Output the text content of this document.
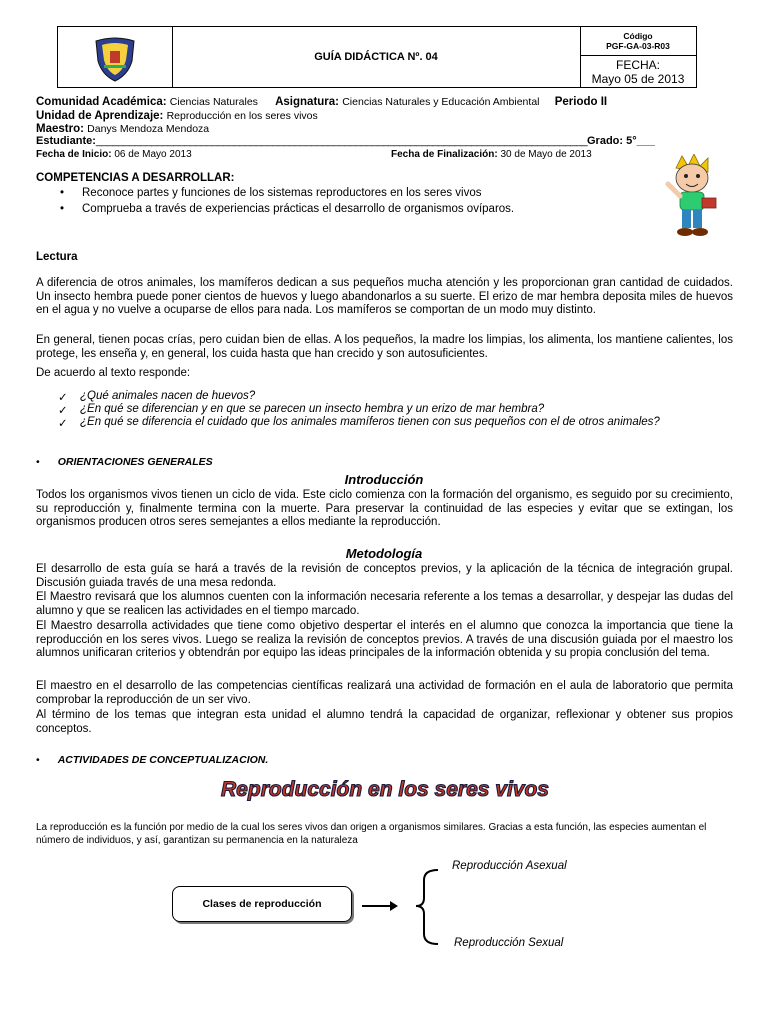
GUÍA DIDÁCTICA Nº. 04
Código
PGF-GA-03-R03
FECHA:
Mayo 05 de 2013
Comunidad Académica: Ciencias Naturales Asignatura: Ciencias Naturales y Educación Ambiental Periodo II
Unidad de Aprendizaje: Reproducción en los seres vivos
Maestro: Danys Mendoza Mendoza
Estudiante:_________________________________________________________________________________________Grado: 5°___
Fecha de Inicio: 06 de Mayo 2013	Fecha de Finalización: 30 de Mayo de 2013
COMPETENCIAS A DESARROLLAR:
• Reconoce partes y funciones de los sistemas reproductores en los seres vivos
• Comprueba a través de experiencias prácticas el desarrollo de organismos ovíparos.
Lectura
A diferencia de otros animales, los mamíferos dedican a sus pequeños mucha atención y les proporcionan gran cantidad de cuidados. Un insecto hembra puede poner cientos de huevos y luego abandonarlos a su suerte. El erizo de mar hembra deposita miles de huevos en el agua y no vuelve a ocuparse de ellos para nada. Los mamíferos se comportan de un modo muy distinto.
En general, tienen pocas crías, pero cuidan bien de ellas. A los pequeños, la madre los limpias, los alimenta, los mantiene calientes, los protege, les enseña y, en general, los cuida hasta que han crecido y son autosuficientes.
De acuerdo al texto responde:
✓ ¿Qué animales nacen de huevos?
✓ ¿En qué se diferencian y en que se parecen un insecto hembra y un erizo de mar hembra?
✓ ¿En qué se diferencia el cuidado que los animales mamíferos tienen con sus pequeños con el de otros animales?
• ORIENTACIONES GENERALES
Introducción
Todos los organismos vivos tienen un ciclo de vida. Este ciclo comienza con la formación del organismo, es seguido por su crecimiento, su reproducción y, finalmente termina con la muerte. Para preservar la continuidad de las especies y evitar que se extingan, los organismos producen otros seres semejantes a ellos mediante la reproducción.
Metodología
El desarrollo de esta guía se hará a través de la revisión de conceptos previos, y la aplicación de la técnica de integración grupal. Discusión guiada través de una mesa redonda.
El Maestro revisará que los alumnos cuenten con la información necesaria referente a los temas a desarrollar, y despejar las dudas del alumno y que se realicen las actividades en el tiempo marcado.
El Maestro desarrolla actividades que tiene como objetivo despertar el interés en el alumno que conozca la importancia que tiene la reproducción en los seres vivos. Luego se realiza la revisión de conceptos previos. A través de una discusión guiada por el maestro los alumnos unificaran criterios y obtendrán por equipo las ideas principales de la información obtenida y su propia conclusión del tema.
El maestro en el desarrollo de las competencias científicas realizará una actividad de formación en el aula de laboratorio que permita comprobar la reproducción de un ser vivo.
Al término de los temas que integran esta unidad el alumno tendrá la capacidad de organizar, reflexionar y obtener sus propios conceptos.
• ACTIVIDADES DE CONCEPTUALIZACION.
Reproducción en los seres vivos
La reproducción es la función por medio de la cual los seres vivos dan origen a organismos similares. Gracias a esta función, las especies aumentan el número de individuos, y así, garantizan su permanencia en la naturaleza
Clases de reproducción
Reproducción Asexual
Reproducción Sexual
